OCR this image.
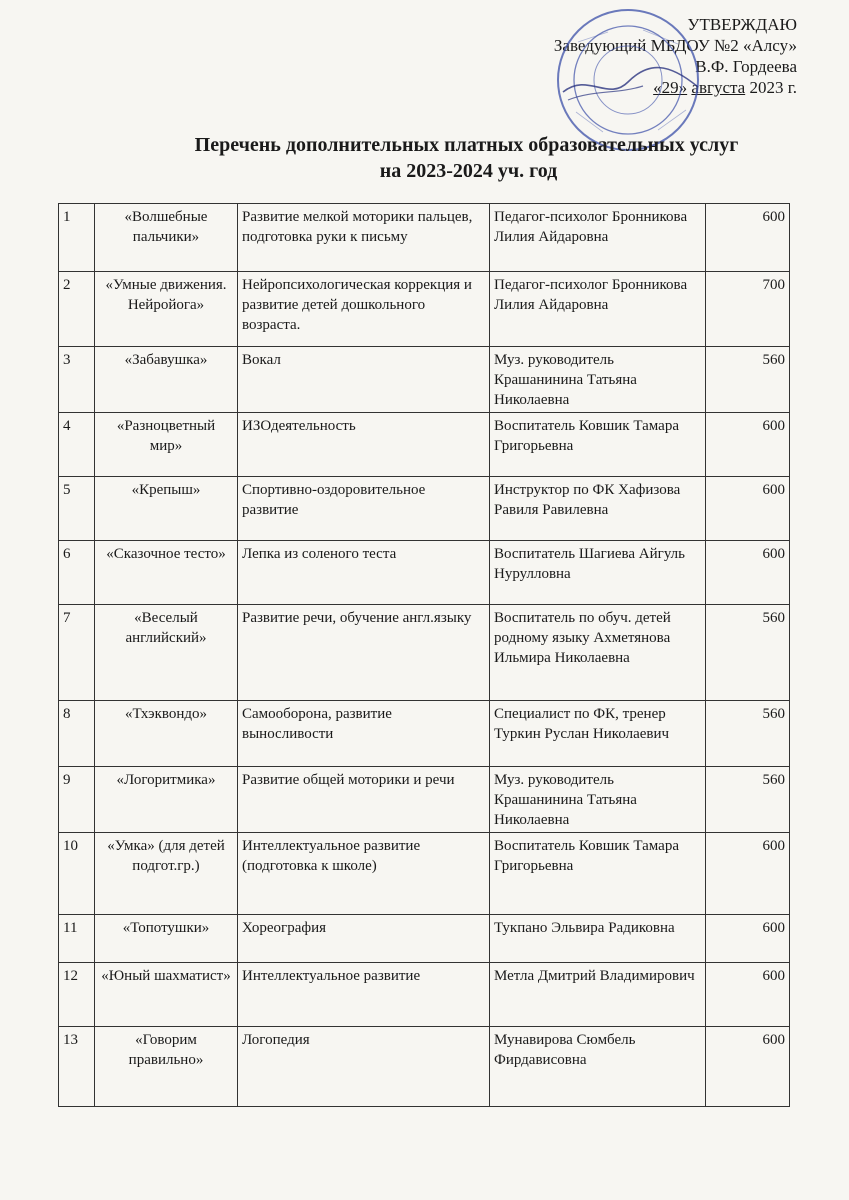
УТВЕРЖДАЮ
Заведующий МБДОУ №2 «Алсу»
В.Ф. Гордеева
«29» августа 2023 г.
Перечень дополнительных платных образовательных услуг
на 2023-2024 уч. год
1	«Волшебные пальчики»	Развитие мелкой моторики пальцев, подготовка руки к письму	Педагог-психолог Бронникова Лилия Айдаровна	600
2	«Умные движения. Нейройога»	Нейропсихологическая коррекция и развитие детей дошкольного возраста.	Педагог-психолог Бронникова Лилия Айдаровна	700
3	«Забавушка»	Вокал	Муз. руководитель Крашанинина Татьяна Николаевна	560
4	«Разноцветный мир»	ИЗОдеятельность	Воспитатель Ковшик Тамара Григорьевна	600
5	«Крепыш»	Спортивно-оздоровительное развитие	Инструктор по ФК Хафизова Равиля Равилевна	600
6	«Сказочное тесто»	Лепка из соленого теста	Воспитатель Шагиева Айгуль Нурулловна	600
7	«Веселый английский»	Развитие речи, обучение англ.языку	Воспитатель по обуч. детей родному языку Ахметянова Ильмира Николаевна	560
8	«Тхэквондо»	Самооборона, развитие выносливости	Специалист по ФК, тренер Туркин Руслан Николаевич	560
9	«Логоритмика»	Развитие общей моторики и речи	Муз. руководитель Крашанинина Татьяна Николаевна	560
10	«Умка» (для детей подгот.гр.)	Интеллектуальное развитие (подготовка к школе)	Воспитатель Ковшик Тамара Григорьевна	600
11	«Топотушки»	Хореография	Тукпано Эльвира Радиковна	600
12	«Юный шахматист»	Интеллектуальное развитие	Метла Дмитрий Владимирович	600
13	«Говорим правильно»	Логопедия	Мунавирова Сюмбель Фирдависовна	600
